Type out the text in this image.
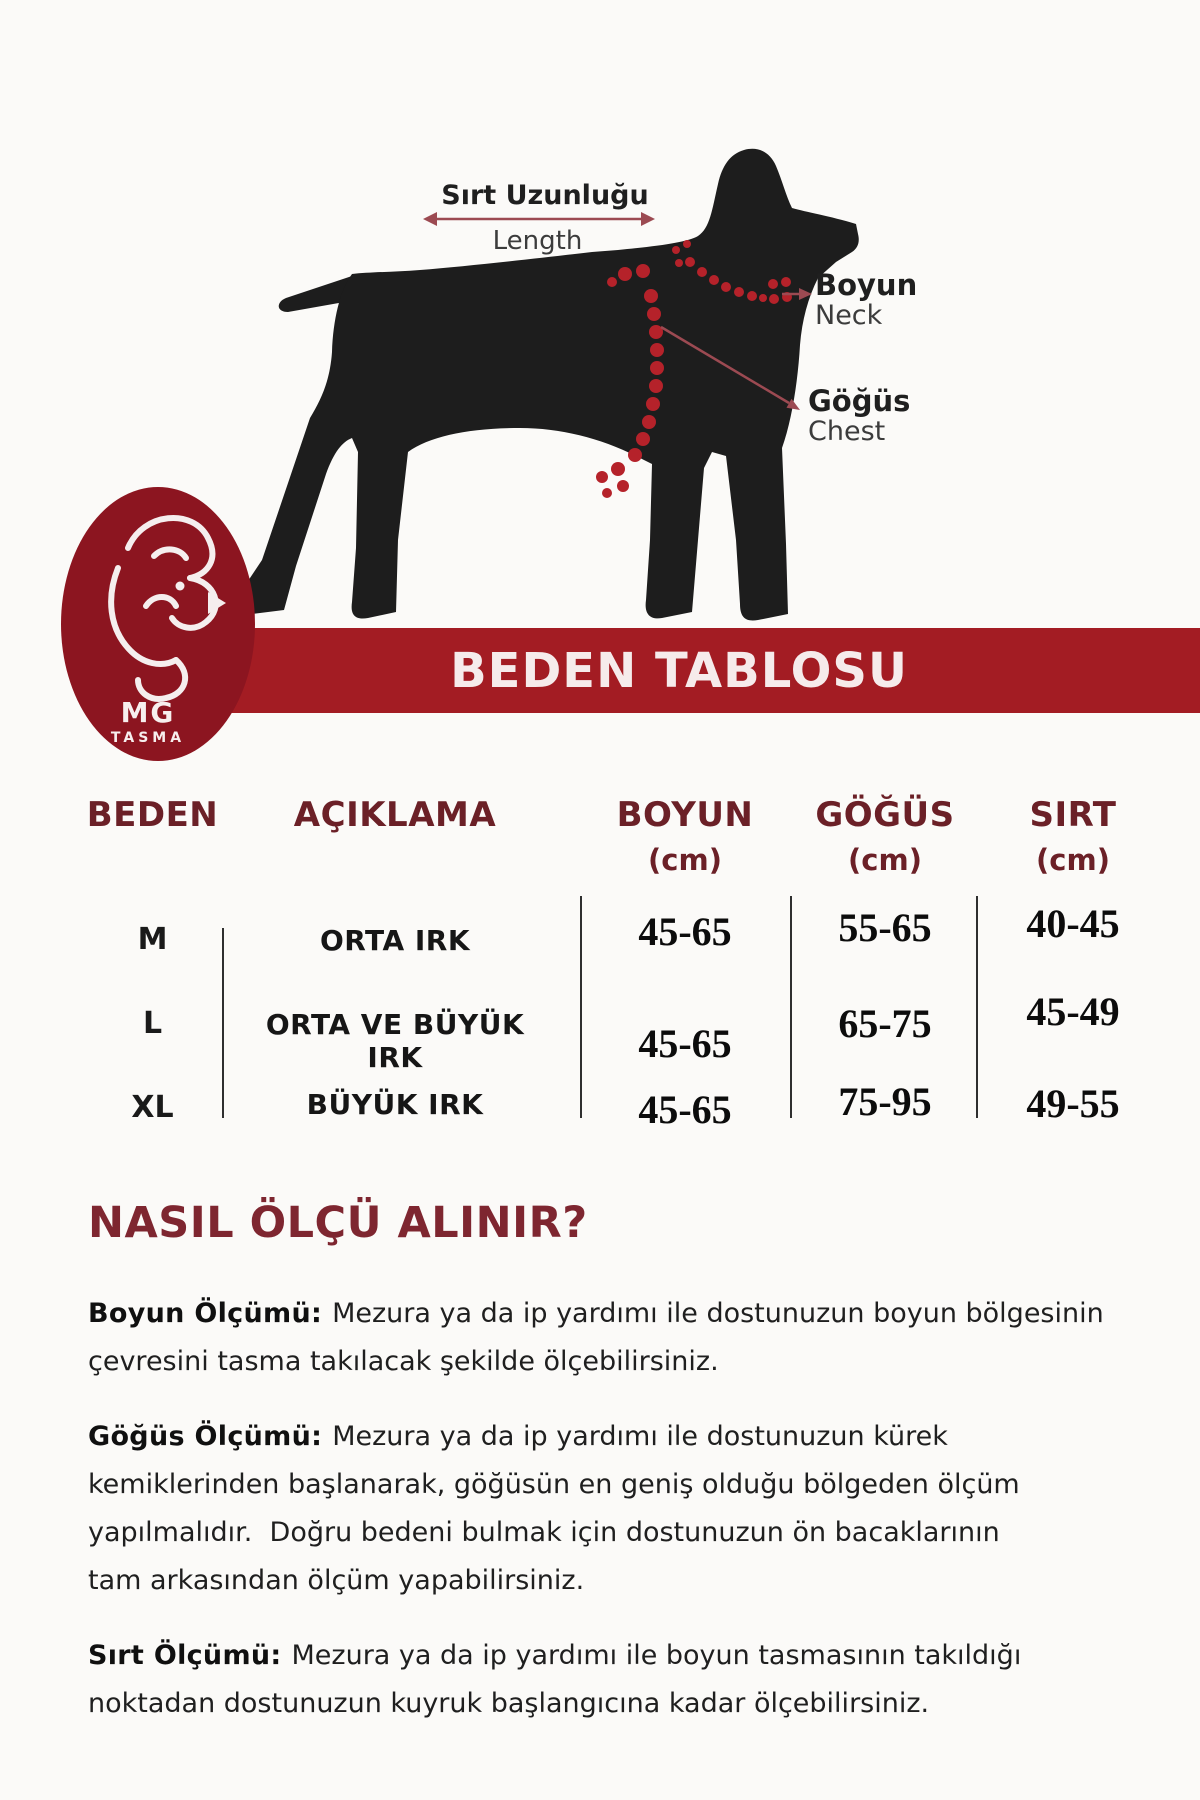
Sırt Uzunluğu
Length
Boyun
Neck
Göğüs
Chest
BEDEN TABLOSU
MG
TASMA
BEDEN	AÇIKLAMA	BOYUN	GÖĞÜS	SIRT
(cm)	(cm)	(cm)
M	ORTA IRK	45-65	55-65	40-45
L	ORTA VE BÜYÜK IRK	45-65	65-75	45-49
XL	BÜYÜK IRK	45-65	75-95	49-55
NASIL ÖLÇÜ ALINIR?
Boyun Ölçümü: Mezura ya da ip yardımı ile dostunuzun boyun bölgesinin
çevresini tasma takılacak şekilde ölçebilirsiniz.
Göğüs Ölçümü: Mezura ya da ip yardımı ile dostunuzun kürek
kemiklerinden başlanarak, göğüsün en geniş olduğu bölgeden ölçüm
yapılmalıdır.  Doğru bedeni bulmak için dostunuzun ön bacaklarının
tam arkasından ölçüm yapabilirsiniz.
Sırt Ölçümü: Mezura ya da ip yardımı ile boyun tasmasının takıldığı
noktadan dostunuzun kuyruk başlangıcına kadar ölçebilirsiniz.
